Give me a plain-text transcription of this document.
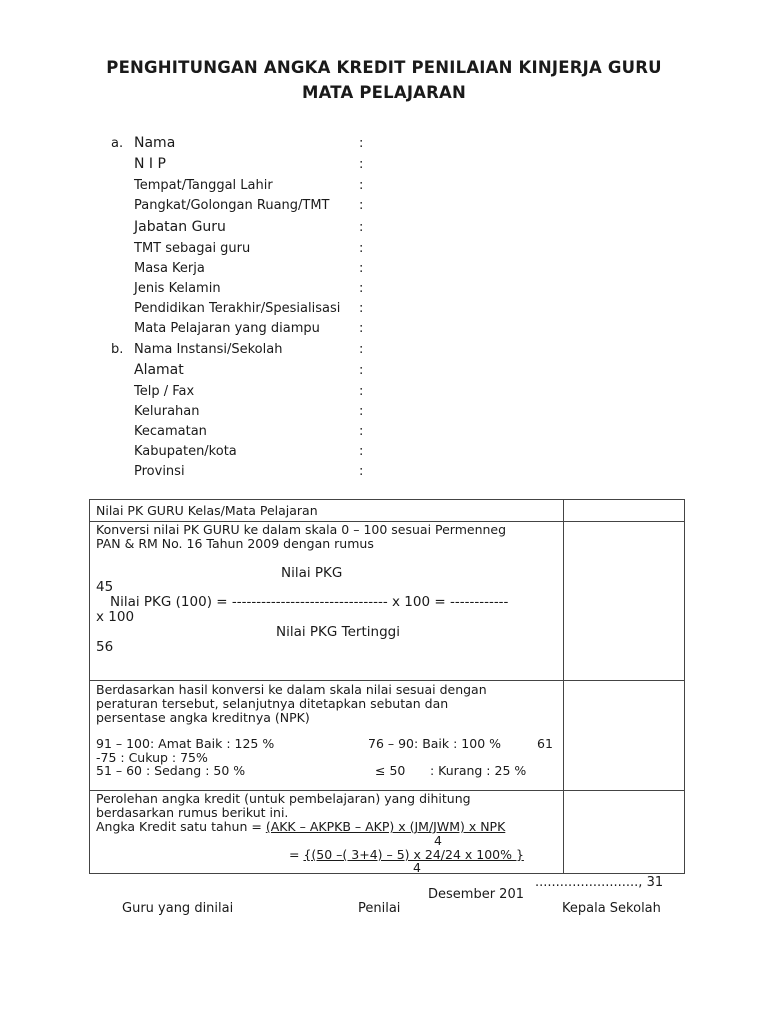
PENGHITUNGAN ANGKA KREDIT PENILAIAN KINJERJA GURU
MATA PELAJARAN
a. Nama	:
N I P	:
Tempat/Tanggal Lahir	:
Pangkat/Golongan Ruang/TMT :
Jabatan Guru	:
TMT sebagai guru	:
Masa Kerja	:
Jenis Kelamin	:
Pendidikan Terakhir/Spesialisasi :
Mata Pelajaran yang diampu	:
b. Nama Instansi/Sekolah	:
Alamat	:
Telp / Fax	:
Kelurahan	:
Kecamatan	:
Kabupaten/kota	:
Provinsi	:
Nilai PK GURU Kelas/Mata Pelajaran
Konversi nilai PK GURU ke dalam skala 0 – 100 sesuai Permenneg
PAN & RM No. 16 Tahun 2009 dengan rumus
Nilai PKG
45
Nilai PKG (100) = -------------------------------- x 100 = ------------
x 100
Nilai PKG Tertinggi
56
Berdasarkan hasil konversi ke dalam skala nilai sesuai dengan
peraturan tersebut, selanjutnya ditetapkan sebutan dan
persentase angka kreditnya (NPK)
91 – 100: Amat Baik : 125 %	76 – 90: Baik : 100 %	61
-75 : Cukup : 75%
51 – 60 : Sedang : 50 %	≤ 50 : Kurang : 25 %
Perolehan angka kredit (untuk pembelajaran) yang dihitung
berdasarkan rumus berikut ini.
Angka Kredit satu tahun = (AKK – AKPKB – AKP) x (JM/JWM) x NPK
4
= {(50 –( 3+4) – 5) x 24/24 x 100% }
4
........................., 31
Desember 201
Guru yang dinilai	Penilai	Kepala Sekolah
